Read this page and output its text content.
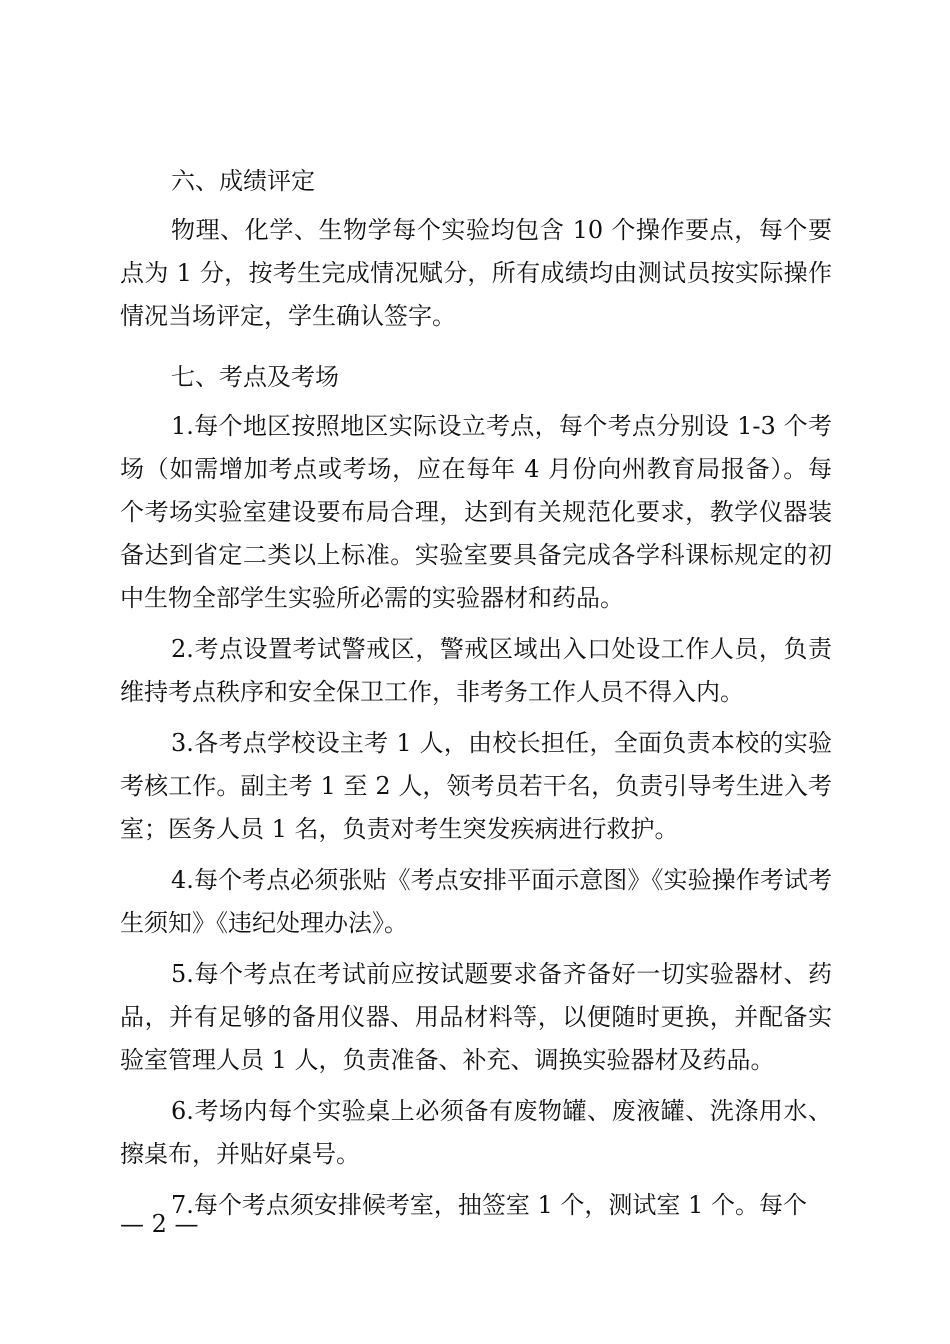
六、成绩评定

物理、化学、生物学每个实验均包含 10 个操作要点，每个要点为 1 分，按考生完成情况赋分，所有成绩均由测试员按实际操作情况当场评定，学生确认签字。

七、考点及考场

1.每个地区按照地区实际设立考点，每个考点分别设 1-3 个考场（如需增加考点或考场，应在每年 4 月份向州教育局报备）。每个考场实验室建设要布局合理，达到有关规范化要求，教学仪器装备达到省定二类以上标准。实验室要具备完成各学科课标规定的初中生物全部学生实验所必需的实验器材和药品。

2.考点设置考试警戒区，警戒区域出入口处设工作人员，负责维持考点秩序和安全保卫工作，非考务工作人员不得入内。

3.各考点学校设主考 1 人，由校长担任，全面负责本校的实验考核工作。副主考 1 至 2 人，领考员若干名，负责引导考生进入考室；医务人员 1 名，负责对考生突发疾病进行救护。

4.每个考点必须张贴《考点安排平面示意图》《实验操作考试考生须知》《违纪处理办法》。

5.每个考点在考试前应按试题要求备齐备好一切实验器材、药品，并有足够的备用仪器、用品材料等，以便随时更换，并配备实验室管理人员 1 人，负责准备、补充、调换实验器材及药品。

6.考场内每个实验桌上必须备有废物罐、废液罐、洗涤用水、擦桌布，并贴好桌号。

7.每个考点须安排候考室，抽签室 1 个，测试室 1 个。每个

— 2 —
